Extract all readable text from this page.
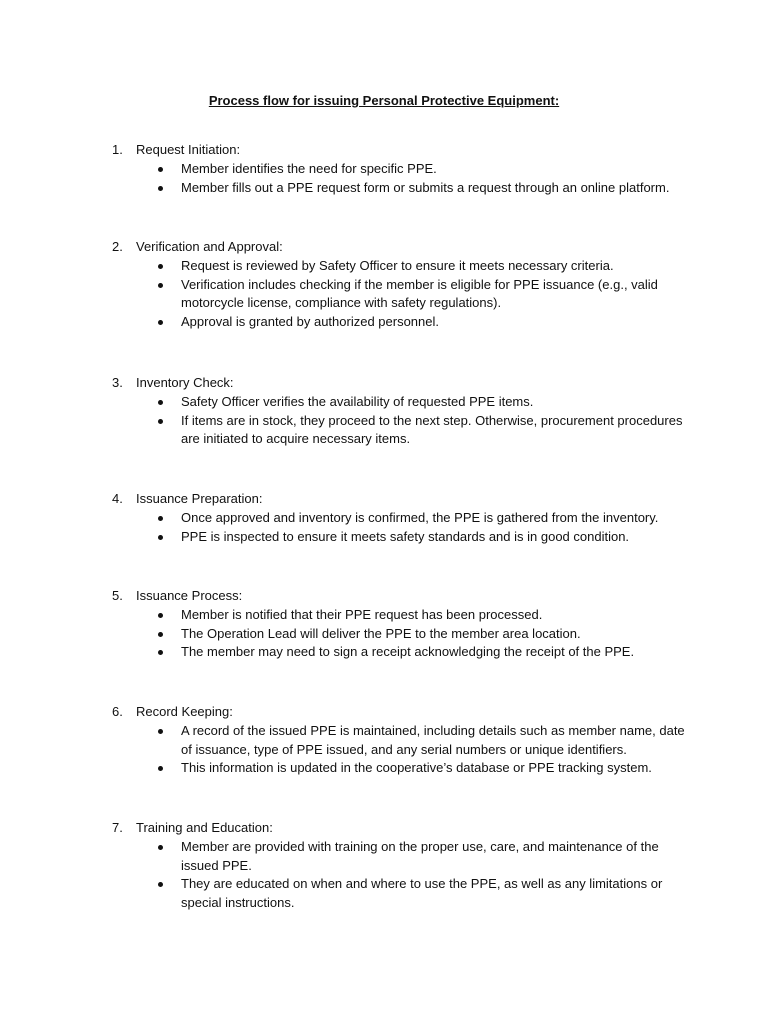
Process flow for issuing Personal Protective Equipment:
1. Request Initiation:
Member identifies the need for specific PPE.
Member fills out a PPE request form or submits a request through an online platform.
2. Verification and Approval:
Request is reviewed by Safety Officer to ensure it meets necessary criteria.
Verification includes checking if the member is eligible for PPE issuance (e.g., valid motorcycle license, compliance with safety regulations).
Approval is granted by authorized personnel.
3. Inventory Check:
Safety Officer verifies the availability of requested PPE items.
If items are in stock, they proceed to the next step. Otherwise, procurement procedures are initiated to acquire necessary items.
4. Issuance Preparation:
Once approved and inventory is confirmed, the PPE is gathered from the inventory.
PPE is inspected to ensure it meets safety standards and is in good condition.
5. Issuance Process:
Member is notified that their PPE request has been processed.
The Operation Lead will deliver the PPE to the member area location.
The member may need to sign a receipt acknowledging the receipt of the PPE.
6. Record Keeping:
A record of the issued PPE is maintained, including details such as member name, date of issuance, type of PPE issued, and any serial numbers or unique identifiers.
This information is updated in the cooperative’s database or PPE tracking system.
7. Training and Education:
Member are provided with training on the proper use, care, and maintenance of the issued PPE.
They are educated on when and where to use the PPE, as well as any limitations or special instructions.
